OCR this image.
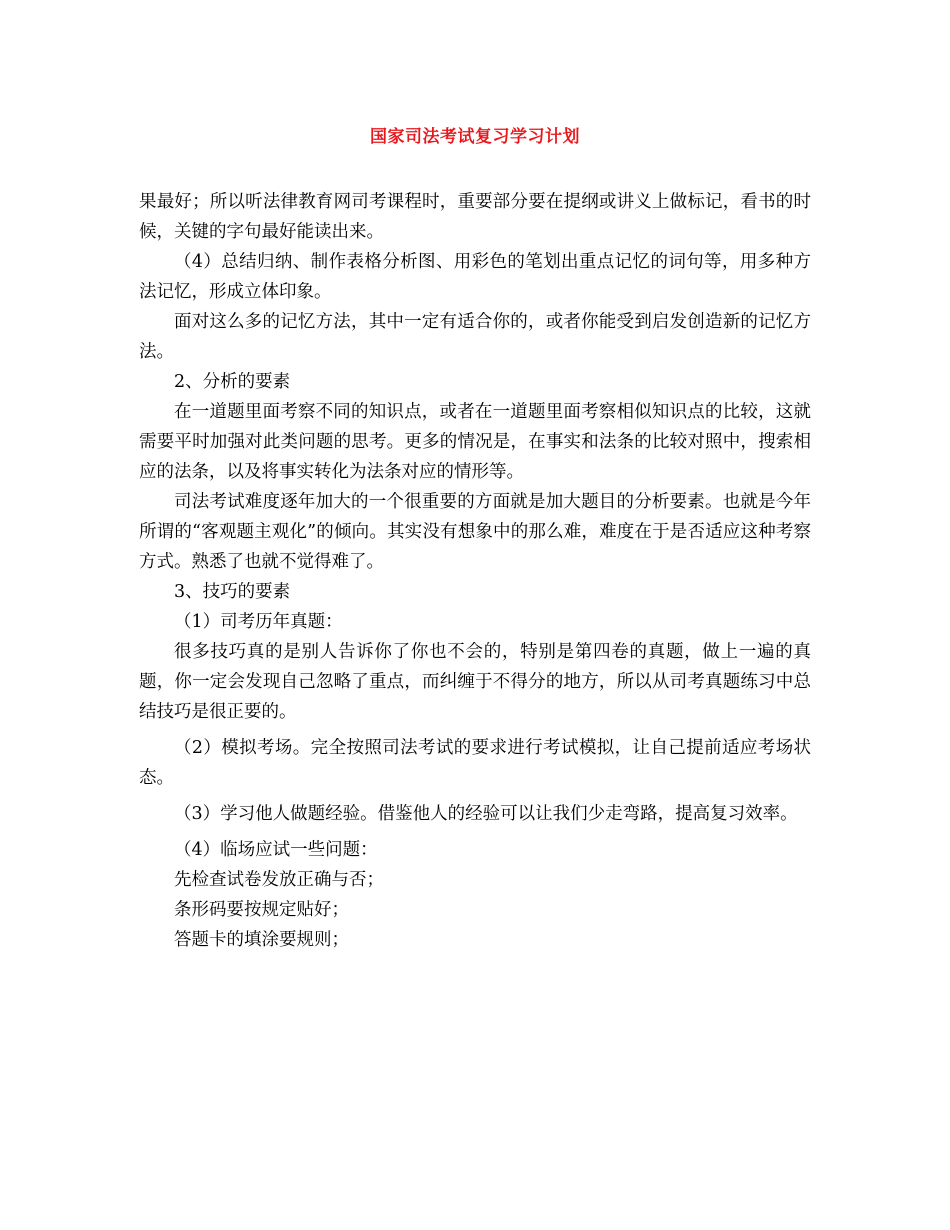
国家司法考试复习学习计划

果最好；所以听法律教育网司考课程时，重要部分要在提纲或讲义上做标记，看书的时候，关键的字句最好能读出来。

（4）总结归纳、制作表格分析图、用彩色的笔划出重点记忆的词句等，用多种方法记忆，形成立体印象。

面对这么多的记忆方法，其中一定有适合你的，或者你能受到启发创造新的记忆方法。

2、分析的要素

在一道题里面考察不同的知识点，或者在一道题里面考察相似知识点的比较，这就需要平时加强对此类问题的思考。更多的情况是，在事实和法条的比较对照中，搜索相应的法条，以及将事实转化为法条对应的情形等。

司法考试难度逐年加大的一个很重要的方面就是加大题目的分析要素。也就是今年所谓的“客观题主观化”的倾向。其实没有想象中的那么难，难度在于是否适应这种考察方式。熟悉了也就不觉得难了。

3、技巧的要素

（1）司考历年真题：

很多技巧真的是别人告诉你了你也不会的，特别是第四卷的真题，做上一遍的真题，你一定会发现自己忽略了重点，而纠缠于不得分的地方，所以从司考真题练习中总结技巧是很正要的。

（2）模拟考场。完全按照司法考试的要求进行考试模拟，让自己提前适应考场状态。

（3）学习他人做题经验。借鉴他人的经验可以让我们少走弯路，提高复习效率。

（4）临场应试一些问题：

先检查试卷发放正确与否；

条形码要按规定贴好；

答题卡的填涂要规则；
